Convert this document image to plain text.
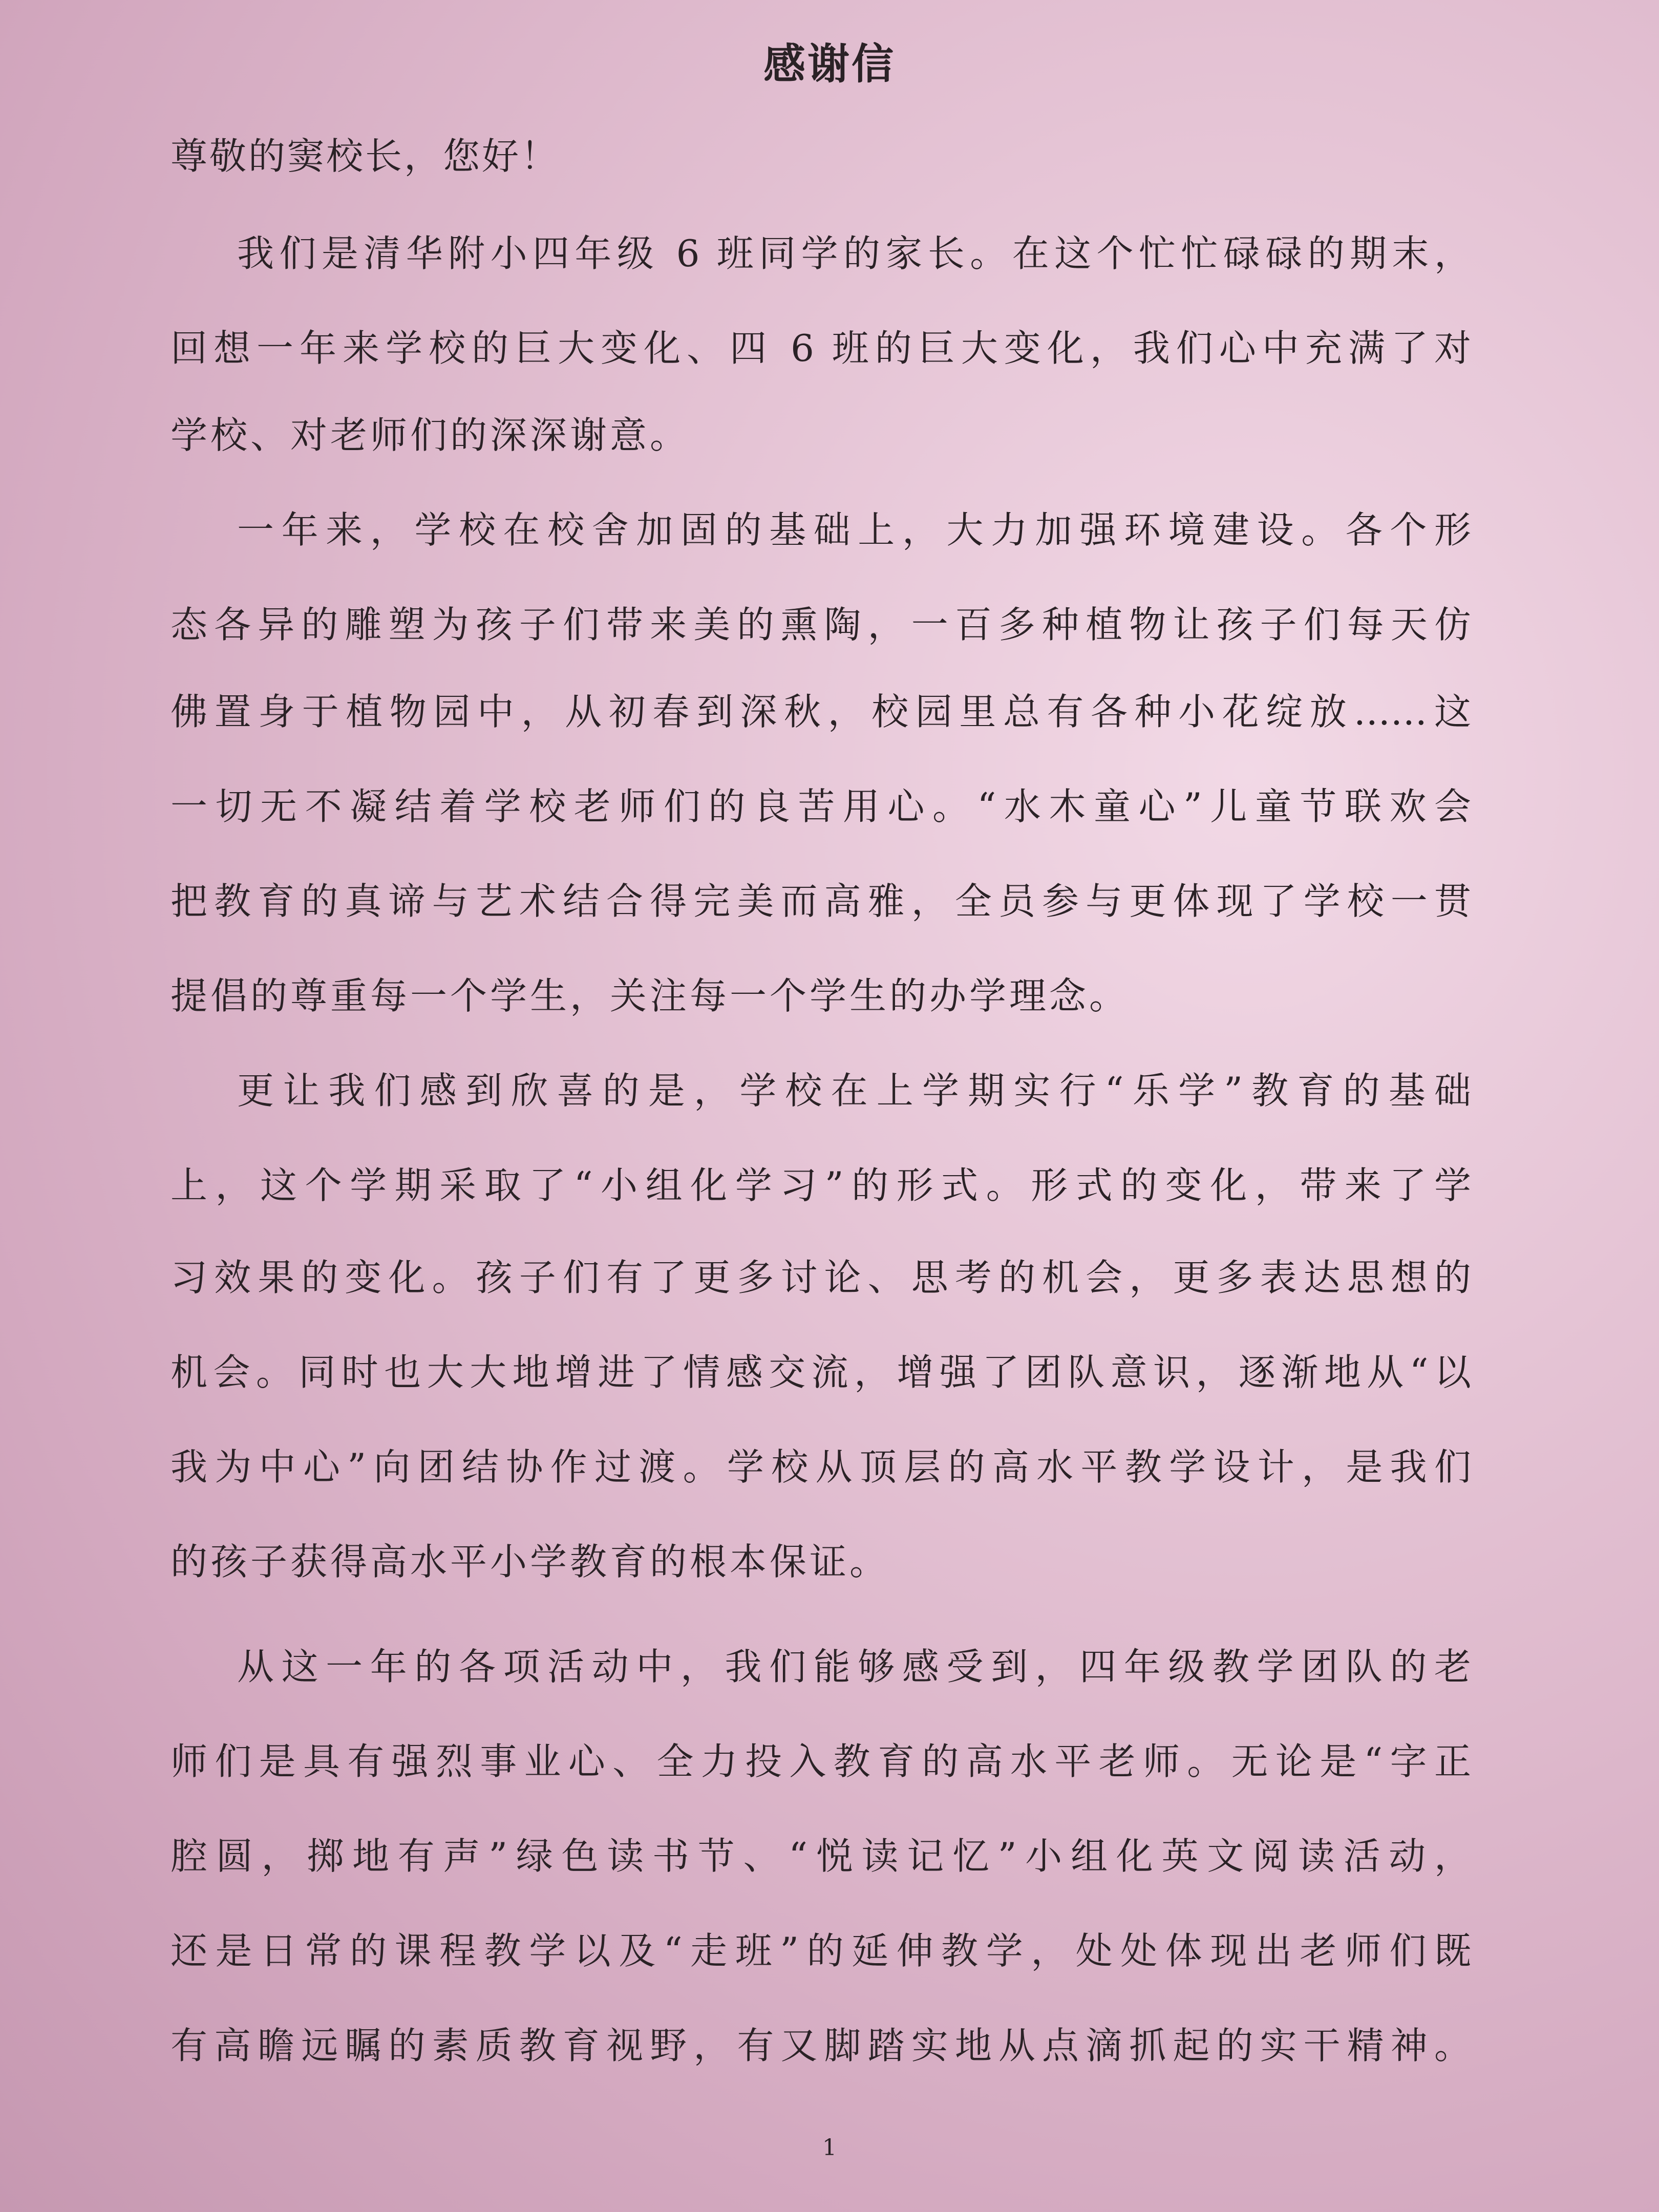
感谢信
尊敬的窦校长，您好！
我们是清华附小四年级 6 班同学的家长。在这个忙忙碌碌的期末，
回想一年来学校的巨大变化、四 6 班的巨大变化，我们心中充满了对
学校、对老师们的深深谢意。
一年来，学校在校舍加固的基础上，大力加强环境建设。各个形
态各异的雕塑为孩子们带来美的熏陶，一百多种植物让孩子们每天仿
佛置身于植物园中，从初春到深秋，校园里总有各种小花绽放……这
一切无不凝结着学校老师们的良苦用心。“水木童心”儿童节联欢会
把教育的真谛与艺术结合得完美而高雅，全员参与更体现了学校一贯
提倡的尊重每一个学生，关注每一个学生的办学理念。
更让我们感到欣喜的是，学校在上学期实行“乐学”教育的基础
上，这个学期采取了“小组化学习”的形式。形式的变化，带来了学
习效果的变化。孩子们有了更多讨论、思考的机会，更多表达思想的
机会。同时也大大地增进了情感交流，增强了团队意识，逐渐地从“以
我为中心”向团结协作过渡。学校从顶层的高水平教学设计，是我们
的孩子获得高水平小学教育的根本保证。
从这一年的各项活动中，我们能够感受到，四年级教学团队的老
师们是具有强烈事业心、全力投入教育的高水平老师。无论是“字正
腔圆，掷地有声”绿色读书节、“悦读记忆”小组化英文阅读活动，
还是日常的课程教学以及“走班”的延伸教学，处处体现出老师们既
有高瞻远瞩的素质教育视野，有又脚踏实地从点滴抓起的实干精神。
1
